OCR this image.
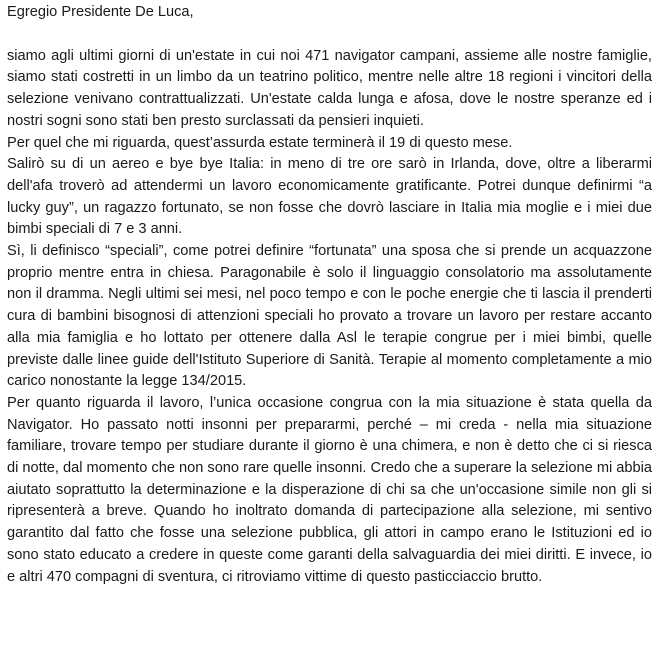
Egregio Presidente De Luca,

siamo agli ultimi giorni di un'estate in cui noi 471 navigator campani, assieme alle nostre famiglie, siamo stati costretti in un limbo da un teatrino politico, mentre nelle altre 18 regioni i vincitori della selezione venivano contrattualizzati. Un'estate calda lunga e afosa, dove le nostre speranze ed i nostri sogni sono stati ben presto surclassati da pensieri inquieti.

Per quel che mi riguarda, quest’assurda estate terminerà il 19 di questo mese.

Salirò su di un aereo e bye bye Italia: in meno di tre ore sarò in Irlanda, dove, oltre a liberarmi dell'afa troverò ad attendermi un lavoro economicamente gratificante. Potrei dunque definirmi “a lucky guy”, un ragazzo fortunato, se non fosse che dovrò lasciare in Italia mia moglie e i miei due bimbi speciali di 7 e 3 anni.

Sì, li definisco “speciali”, come potrei definire “fortunata” una sposa che si prende un acquazzone proprio mentre entra in chiesa. Paragonabile è solo il linguaggio consolatorio ma assolutamente non il dramma. Negli ultimi sei mesi, nel poco tempo e con le poche energie che ti lascia il prenderti cura di bambini bisognosi di attenzioni speciali ho provato a trovare un lavoro per restare accanto alla mia famiglia e ho lottato per ottenere dalla Asl le terapie congrue per i miei bimbi, quelle previste dalle linee guide dell'Istituto Superiore di Sanità. Terapie al momento completamente a mio carico nonostante la legge 134/2015.

Per quanto riguarda il lavoro, l’unica occasione congrua con la mia situazione è stata quella da Navigator. Ho passato notti insonni per prepararmi, perché – mi creda - nella mia situazione familiare, trovare tempo per studiare durante il giorno è una chimera, e non è detto che ci si riesca di notte, dal momento che non sono rare quelle insonni. Credo che a superare la selezione mi abbia aiutato soprattutto la determinazione e la disperazione di chi sa che un'occasione simile non gli si ripresenterà a breve. Quando ho inoltrato domanda di partecipazione alla selezione, mi sentivo garantito dal fatto che fosse una selezione pubblica, gli attori in campo erano le Istituzioni ed io sono stato educato a credere in queste come garanti della salvaguardia dei miei diritti. E invece, io e altri 470 compagni di sventura, ci ritroviamo vittime di questo pasticciaccio brutto.
